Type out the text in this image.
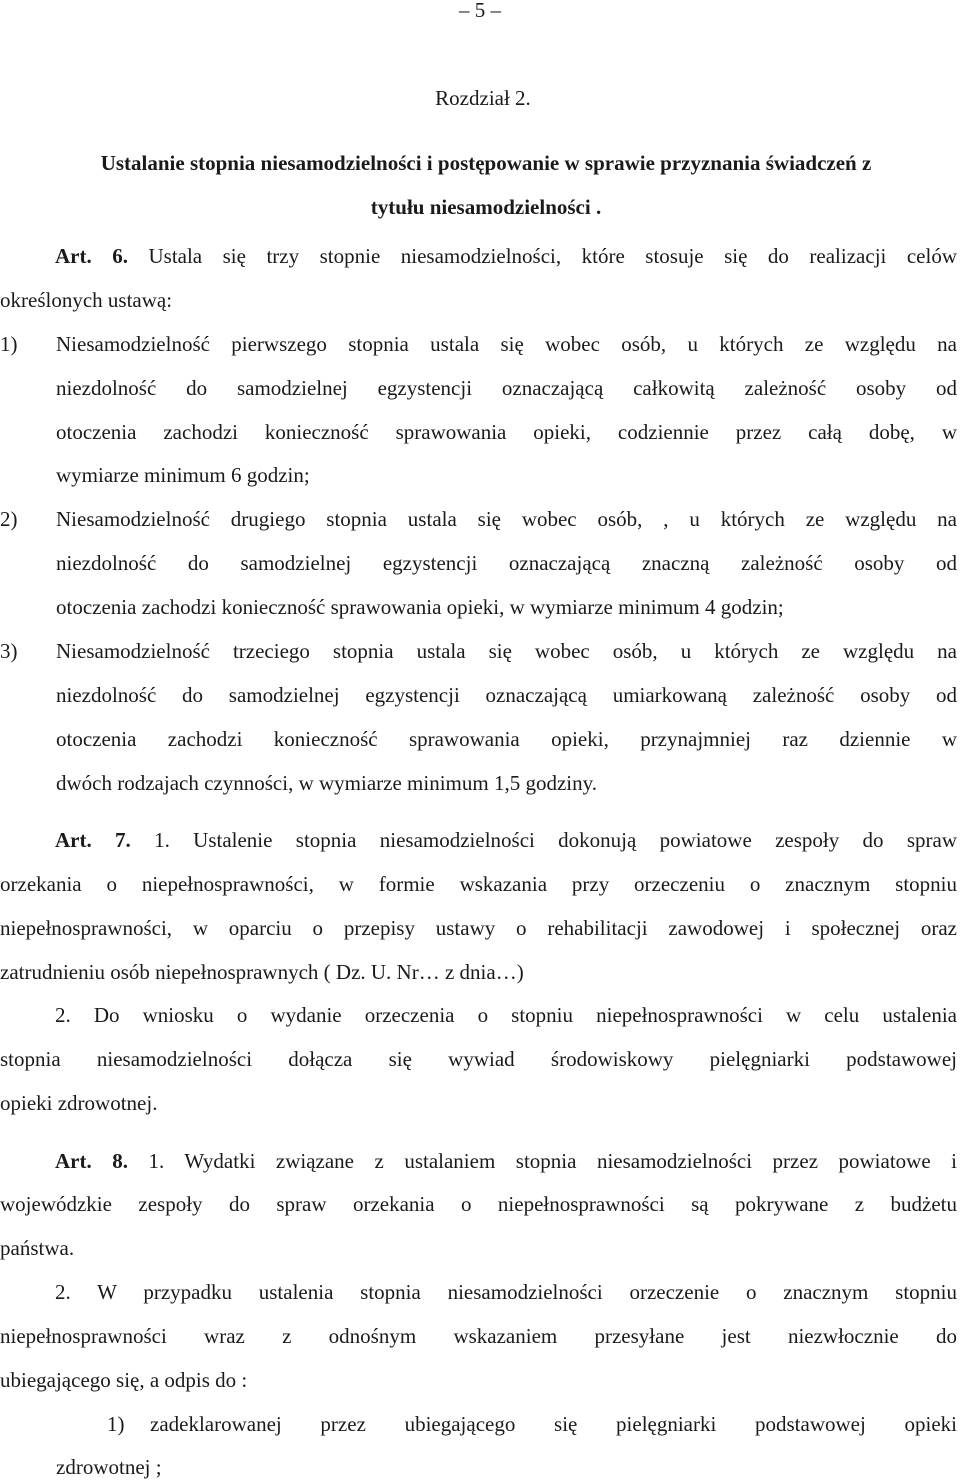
– 5 –
Rozdział 2.
Ustalanie stopnia niesamodzielności i postępowanie w sprawie przyznania świadczeń z
tytułu niesamodzielności .
Art. 6. Ustala się trzy stopnie niesamodzielności, które stosuje się do realizacji celów
określonych ustawą:
1) Niesamodzielność pierwszego stopnia ustala się wobec osób, u których ze względu na
niezdolność do samodzielnej egzystencji oznaczającą całkowitą zależność osoby od
otoczenia zachodzi konieczność sprawowania opieki, codziennie przez całą dobę, w
wymiarze minimum 6 godzin;
2) Niesamodzielność drugiego stopnia ustala się wobec osób, , u których ze względu na
niezdolność do samodzielnej egzystencji oznaczającą znaczną zależność osoby od
otoczenia zachodzi konieczność sprawowania opieki, w wymiarze minimum 4 godzin;
3) Niesamodzielność trzeciego stopnia ustala się wobec osób, u których ze względu na
niezdolność do samodzielnej egzystencji oznaczającą umiarkowaną zależność osoby od
otoczenia zachodzi konieczność sprawowania opieki, przynajmniej raz dziennie w
dwóch rodzajach czynności, w wymiarze minimum 1,5 godziny.
Art. 7. 1. Ustalenie stopnia niesamodzielności dokonują powiatowe zespoły do spraw
orzekania o niepełnosprawności, w formie wskazania przy orzeczeniu o znacznym stopniu
niepełnosprawności, w oparciu o przepisy ustawy o rehabilitacji zawodowej i społecznej oraz
zatrudnieniu osób niepełnosprawnych ( Dz. U. Nr… z dnia…)
2. Do wniosku o wydanie orzeczenia o stopniu niepełnosprawności w celu ustalenia
stopnia niesamodzielności dołącza się wywiad środowiskowy pielęgniarki podstawowej
opieki zdrowotnej.
Art. 8. 1. Wydatki związane z ustalaniem stopnia niesamodzielności przez powiatowe i
wojewódzkie zespoły do spraw orzekania o niepełnosprawności są pokrywane z budżetu
państwa.
2. W przypadku ustalenia stopnia niesamodzielności orzeczenie o znacznym stopniu
niepełnosprawności wraz z odnośnym wskazaniem przesyłane jest niezwłocznie do
ubiegającego się, a odpis do :
1) zadeklarowanej przez ubiegającego się pielęgniarki podstawowej opieki
zdrowotnej ;
